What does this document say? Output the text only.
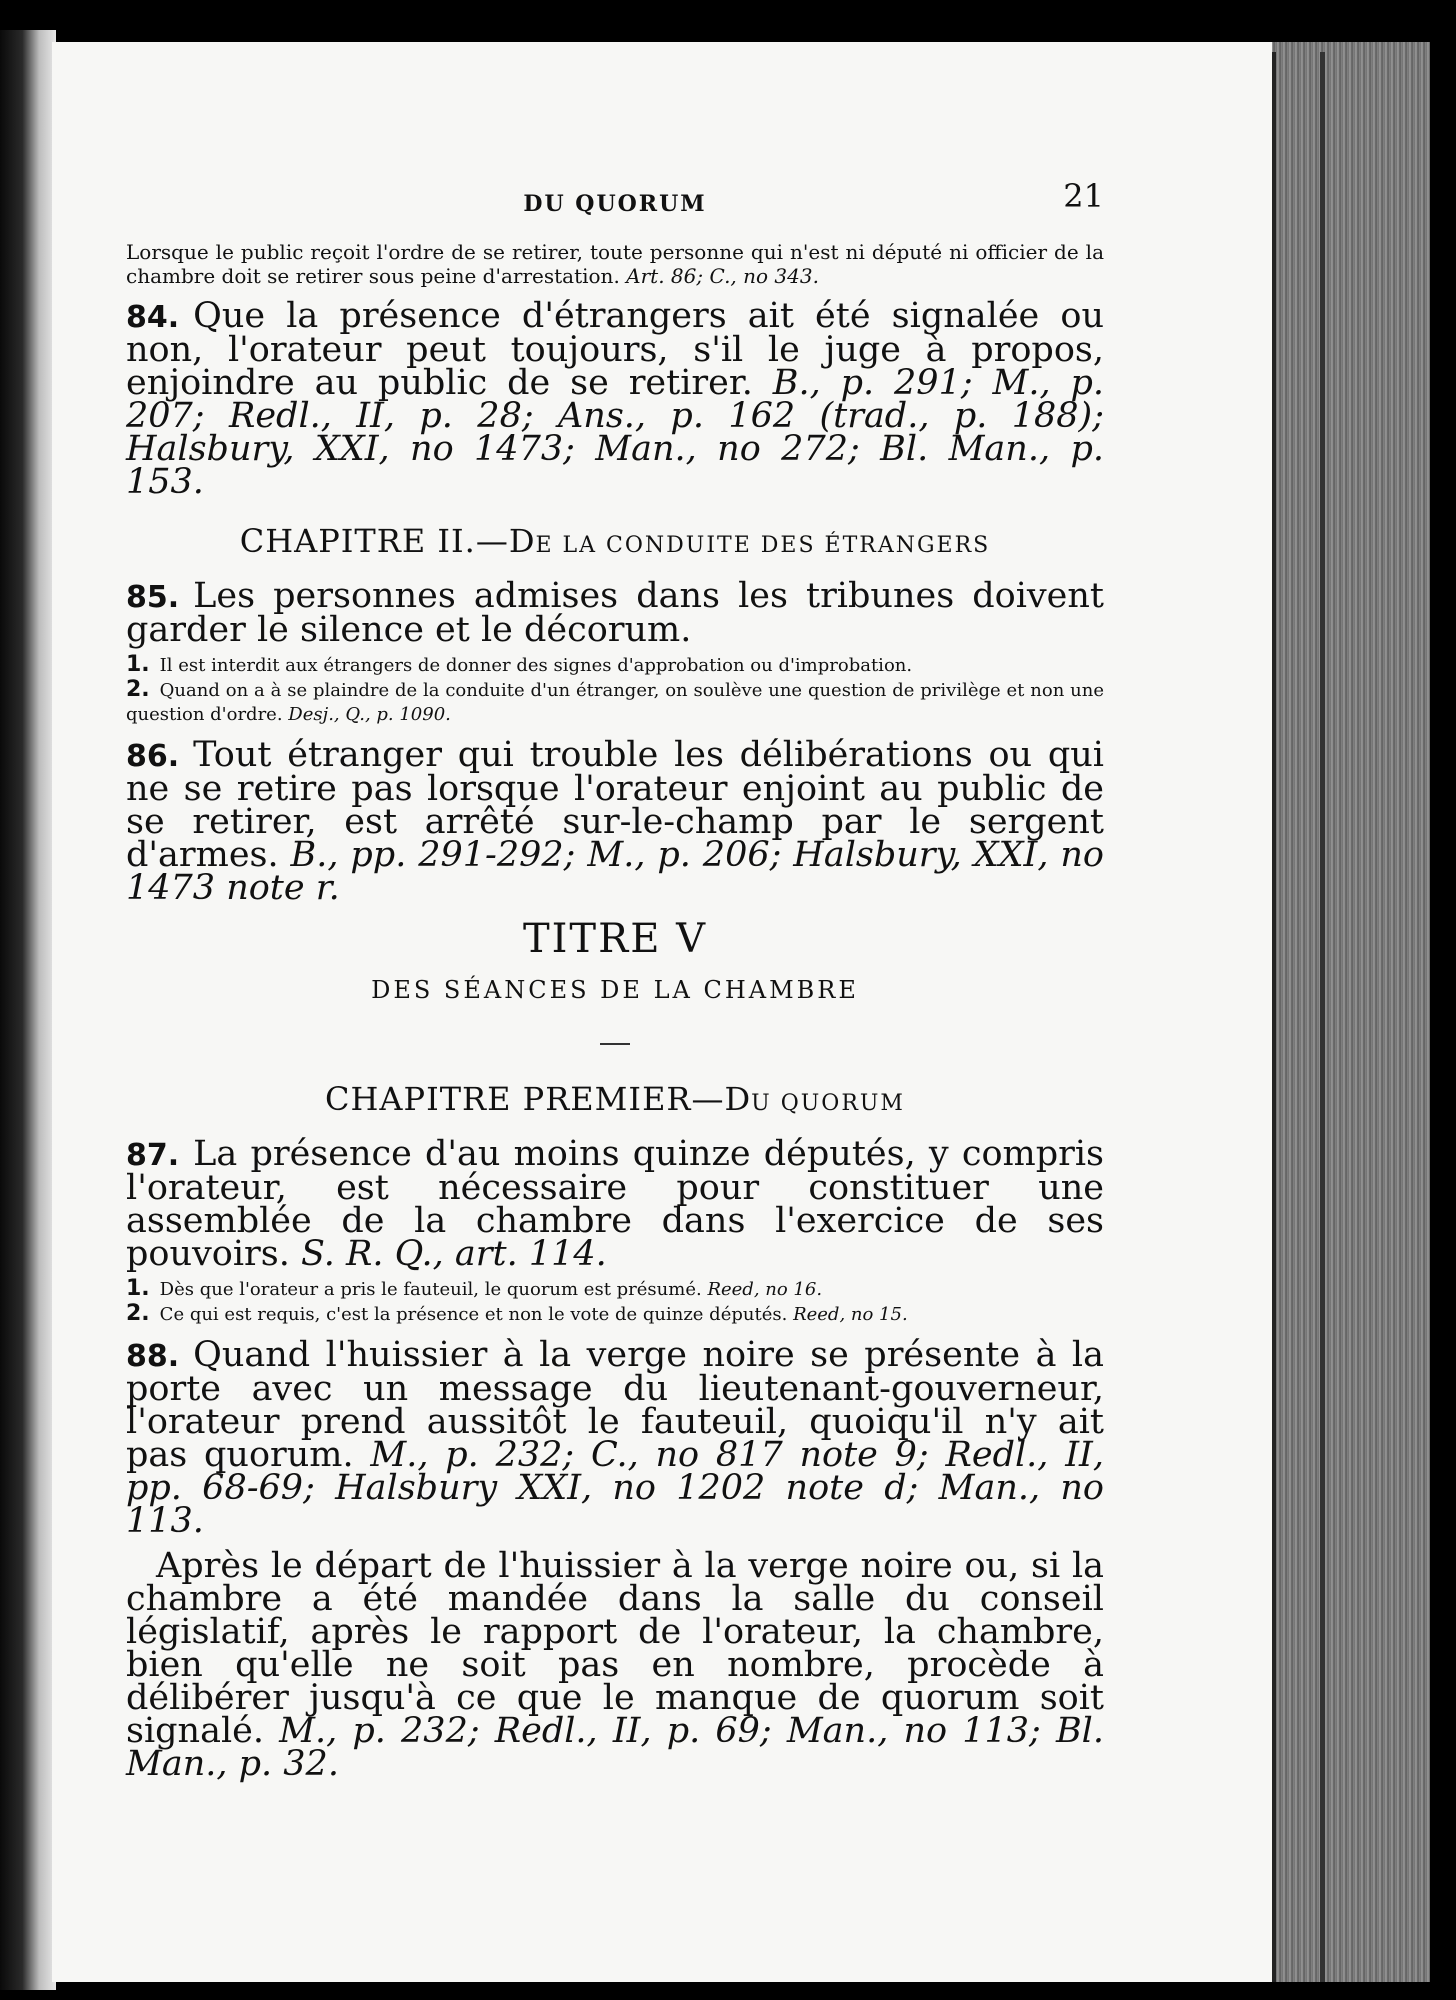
DU QUORUM	21
Lorsque le public reçoit l'ordre de se retirer, toute personne qui n'est ni député ni officier de la chambre doit se retirer sous peine d'arrestation. Art. 86; C., no 343.

84. Que la présence d'étrangers ait été signalée ou non, l'orateur peut toujours, s'il le juge à propos, enjoindre au public de se retirer. B., p. 291; M., p. 207; Redl., II, p. 28; Ans., p. 162 (trad., p. 188); Halsbury, XXI, no 1473; Man., no 272; Bl. Man., p. 153.

CHAPITRE II.—DE LA CONDUITE DES ÉTRANGERS

85. Les personnes admises dans les tribunes doivent garder le silence et le décorum.

1. Il est interdit aux étrangers de donner des signes d'approbation ou d'improbation.
2. Quand on a à se plaindre de la conduite d'un étranger, on soulève une question de privilège et non une question d'ordre. Desj., Q., p. 1090.

86. Tout étranger qui trouble les délibérations ou qui ne se retire pas lorsque l'orateur enjoint au public de se retirer, est arrêté sur-le-champ par le sergent d'armes. B., pp. 291-292; M., p. 206; Halsbury, XXI, no 1473 note r.

TITRE V
DES SÉANCES DE LA CHAMBRE
CHAPITRE PREMIER—DU QUORUM

87. La présence d'au moins quinze députés, y compris l'orateur, est nécessaire pour constituer une assemblée de la chambre dans l'exercice de ses pouvoirs. S. R. Q., art. 114.

1. Dès que l'orateur a pris le fauteuil, le quorum est présumé. Reed, no 16.
2. Ce qui est requis, c'est la présence et non le vote de quinze députés. Reed, no 15.

88. Quand l'huissier à la verge noire se présente à la porte avec un message du lieutenant-gouverneur, l'orateur prend aussitôt le fauteuil, quoiqu'il n'y ait pas quorum. M., p. 232; C., no 817 note 9; Redl., II, pp. 68-69; Halsbury XXI, no 1202 note d; Man., no 113.

Après le départ de l'huissier à la verge noire ou, si la chambre a été mandée dans la salle du conseil législatif, après le rapport de l'orateur, la chambre, bien qu'elle ne soit pas en nombre, procède à délibérer jusqu'à ce que le manque de quorum soit signalé. M., p. 232; Redl., II, p. 69; Man., no 113; Bl. Man., p. 32.
